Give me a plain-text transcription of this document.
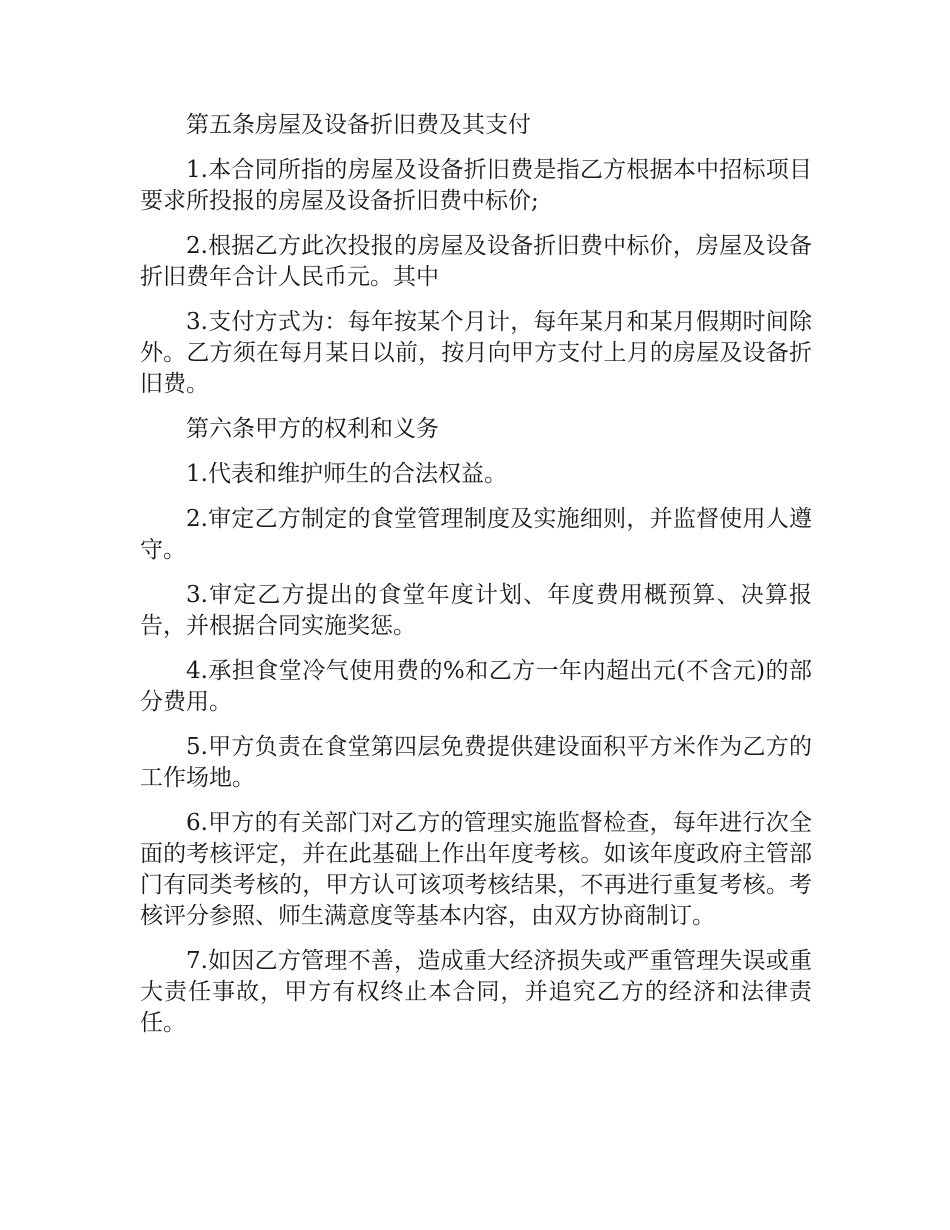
第五条房屋及设备折旧费及其支付

1.本合同所指的房屋及设备折旧费是指乙方根据本中招标项目要求所投报的房屋及设备折旧费中标价;

2.根据乙方此次投报的房屋及设备折旧费中标价，房屋及设备折旧费年合计人民币元。其中

3.支付方式为：每年按某个月计，每年某月和某月假期时间除外。乙方须在每月某日以前，按月向甲方支付上月的房屋及设备折旧费。

第六条甲方的权利和义务

1.代表和维护师生的合法权益。

2.审定乙方制定的食堂管理制度及实施细则，并监督使用人遵守。

3.审定乙方提出的食堂年度计划、年度费用概预算、决算报告，并根据合同实施奖惩。

4.承担食堂冷气使用费的%和乙方一年内超出元(不含元)的部分费用。

5.甲方负责在食堂第四层免费提供建设面积平方米作为乙方的工作场地。

6.甲方的有关部门对乙方的管理实施监督检查，每年进行次全面的考核评定，并在此基础上作出年度考核。如该年度政府主管部门有同类考核的，甲方认可该项考核结果，不再进行重复考核。考核评分参照、师生满意度等基本内容，由双方协商制订。

7.如因乙方管理不善，造成重大经济损失或严重管理失误或重大责任事故，甲方有权终止本合同，并追究乙方的经济和法律责任。
